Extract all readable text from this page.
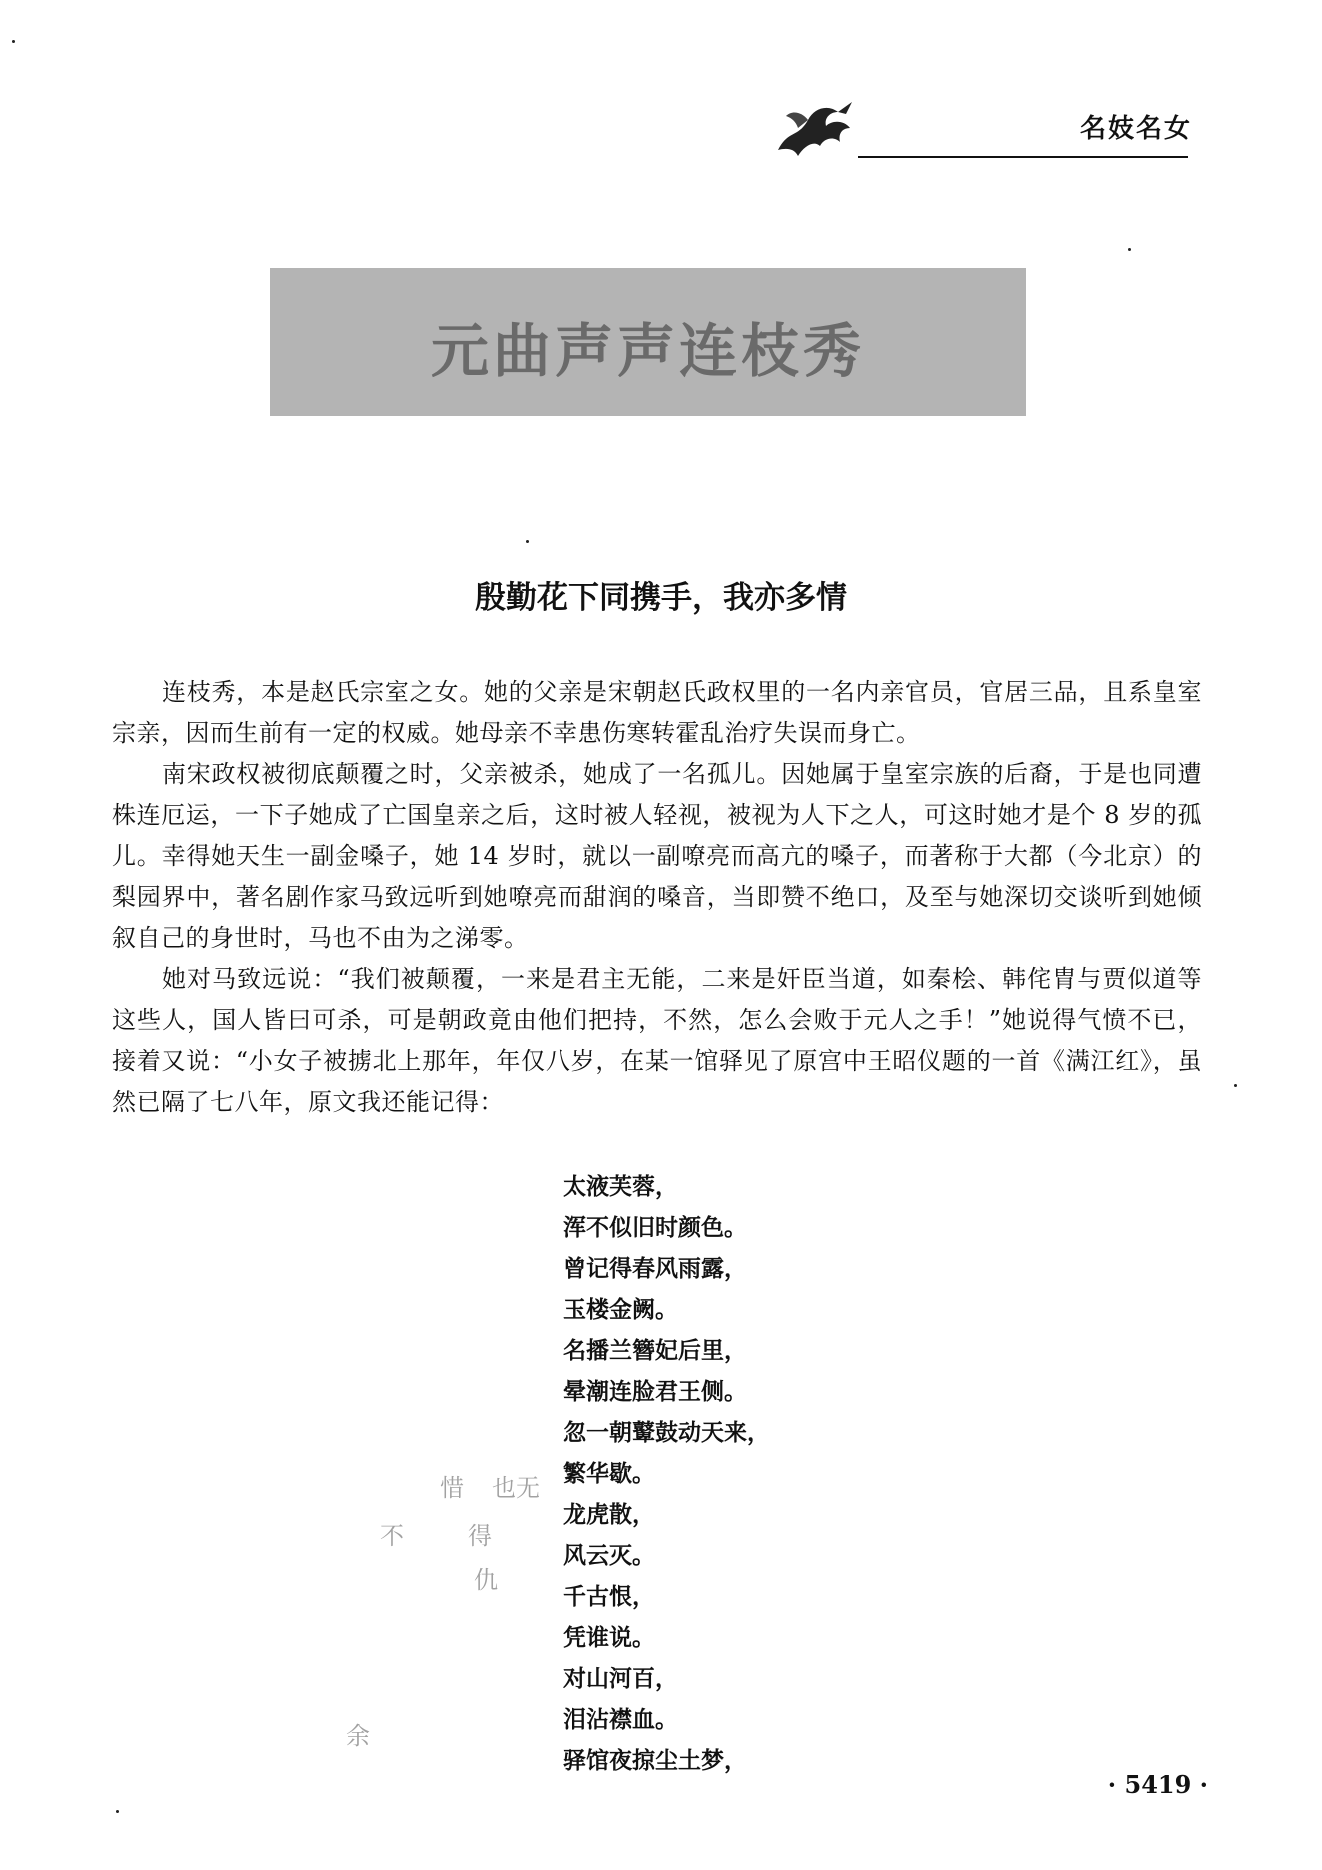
名妓名女
元曲声声连枝秀
殷勤花下同携手，我亦多情

连枝秀，本是赵氏宗室之女。她的父亲是宋朝赵氏政权里的一名内亲官员，官居三品，且系皇室宗亲，因而生前有一定的权威。她母亲不幸患伤寒转霍乱治疗失误而身亡。

南宋政权被彻底颠覆之时，父亲被杀，她成了一名孤儿。因她属于皇室宗族的后裔，于是也同遭株连厄运，一下子她成了亡国皇亲之后，这时被人轻视，被视为人下之人，可这时她才是个 8 岁的孤儿。幸得她天生一副金嗓子，她 14 岁时，就以一副嘹亮而高亢的嗓子，而著称于大都（今北京）的梨园界中，著名剧作家马致远听到她嘹亮而甜润的嗓音，当即赞不绝口，及至与她深切交谈听到她倾叙自己的身世时，马也不由为之涕零。

她对马致远说：“我们被颠覆，一来是君主无能，二来是奸臣当道，如秦桧、韩侘胄与贾似道等这些人，国人皆曰可杀，可是朝政竟由他们把持，不然，怎么会败于元人之手！”她说得气愤不已，接着又说：“小女子被掳北上那年，年仅八岁，在某一馆驿见了原宫中王昭仪题的一首《满江红》，虽然已隔了七八年，原文我还能记得：

太液芙蓉，
浑不似旧时颜色。
曾记得春风雨露，
玉楼金阙。
名播兰簪妃后里，
晕潮连脸君王侧。
忽一朝鼙鼓动天来，
繁华歇。
龙虎散，
风云灭。
千古恨，
凭谁说。
对山河百，
泪沾襟血。
驿馆夜掠尘土梦，
也无
惜
得
不
仇
余
· 5419 ·
